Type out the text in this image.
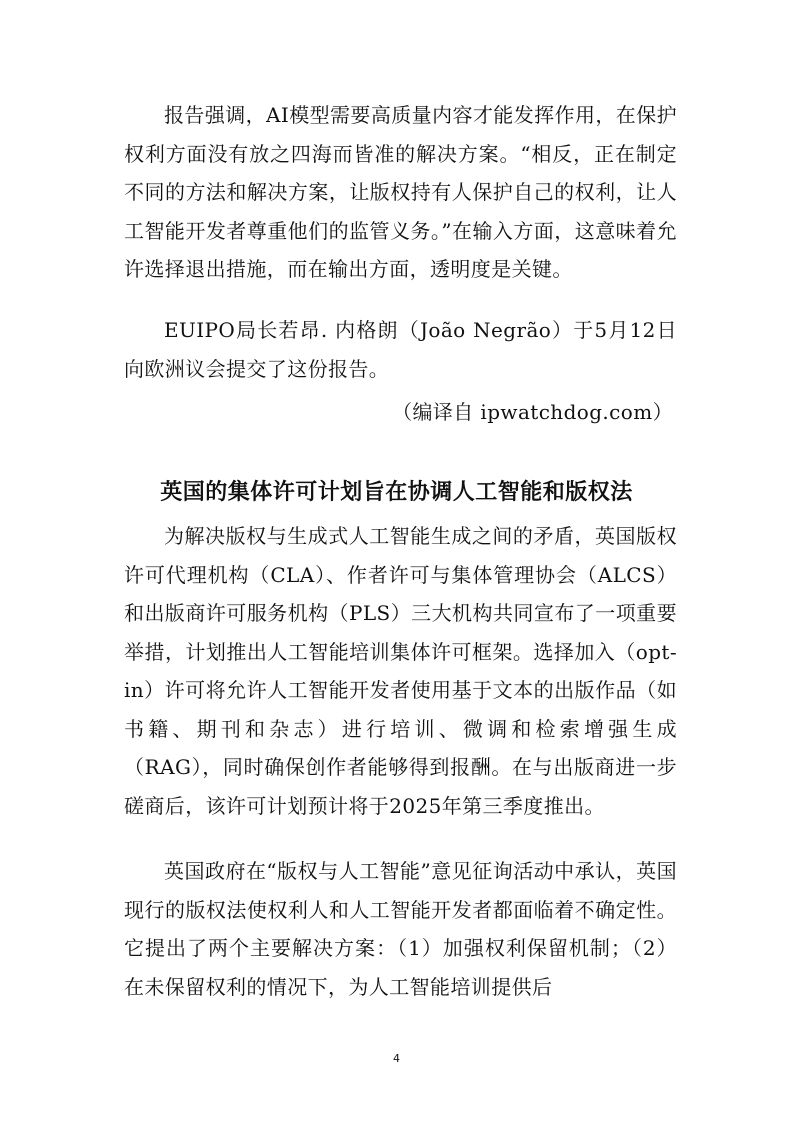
报告强调，AI模型需要高质量内容才能发挥作用，在保护权利方面没有放之四海而皆准的解决方案。“相反，正在制定不同的方法和解决方案，让版权持有人保护自己的权利，让人工智能开发者尊重他们的监管义务。”在输入方面，这意味着允许选择退出措施，而在输出方面，透明度是关键。

EUIPO局长若昂. 内格朗（João Negrão）于5月12日向欧洲议会提交了这份报告。

（编译自 ipwatchdog.com）
英国的集体许可计划旨在协调人工智能和版权法

为解决版权与生成式人工智能生成之间的矛盾，英国版权许可代理机构（CLA）、作者许可与集体管理协会（ALCS）和出版商许可服务机构（PLS）三大机构共同宣布了一项重要举措，计划推出人工智能培训集体许可框架。选择加入（opt-in）许可将允许人工智能开发者使用基于文本的出版作品（如书籍、期刊和杂志）进行培训、微调和检索增强生成（RAG），同时确保创作者能够得到报酬。在与出版商进一步磋商后，该许可计划预计将于2025年第三季度推出。

英国政府在“版权与人工智能”意见征询活动中承认，英国现行的版权法使权利人和人工智能开发者都面临着不确定性。它提出了两个主要解决方案：（1）加强权利保留机制；（2）在未保留权利的情况下，为人工智能培训提供后

4
